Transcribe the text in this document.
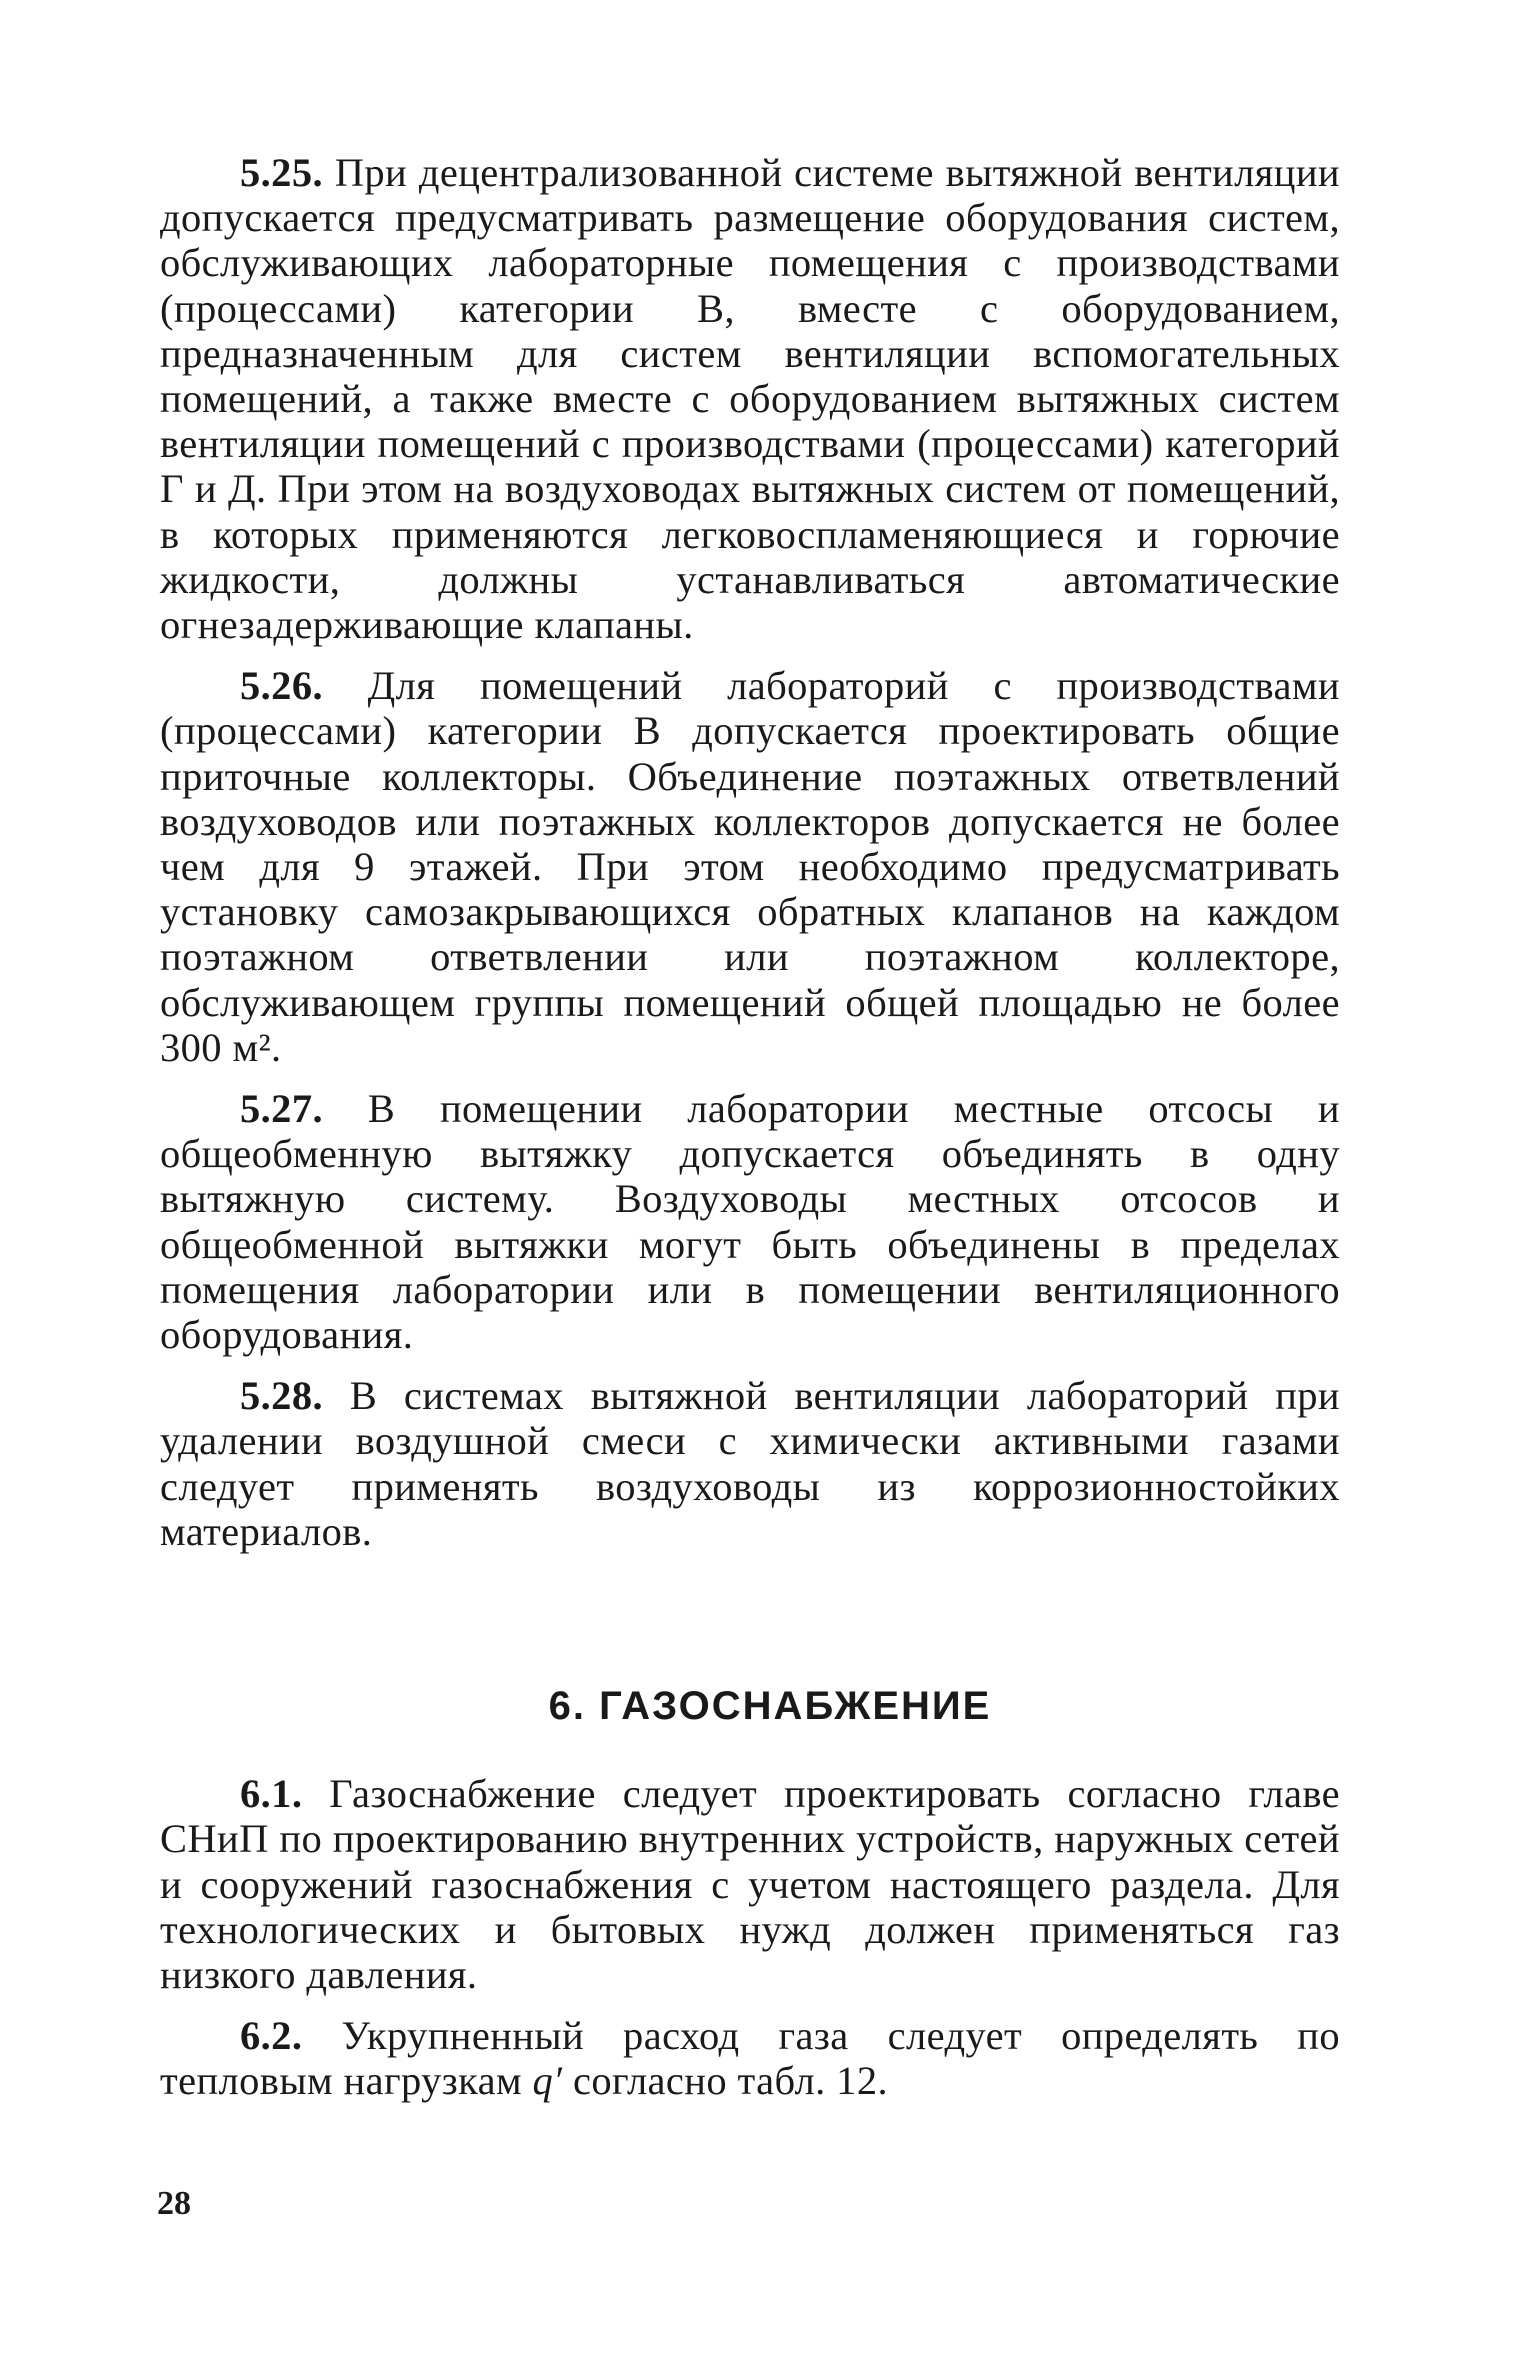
5.25. При децентрализованной системе вытяжной вентиляции допускается предусматривать размещение оборудования систем, обслуживающих лабораторные помещения с производствами (процессами) категории В, вместе с оборудованием, предназначенным для систем вентиляции вспомогательных помещений, а также вместе с оборудованием вытяжных систем вентиляции помещений с производствами (процессами) категорий Г и Д. При этом на воздуховодах вытяжных систем от помещений, в которых применяются легковоспламеняющиеся и горючие жидкости, должны устанавливаться автоматические огнезадерживающие клапаны.

5.26. Для помещений лабораторий с производствами (процессами) категории В допускается проектировать общие приточные коллекторы. Объединение поэтажных ответвлений воздуховодов или поэтажных коллекторов допускается не более чем для 9 этажей. При этом необходимо предусматривать установку самозакрывающихся обратных клапанов на каждом поэтажном ответвлении или поэтажном коллекторе, обслуживающем группы помещений общей площадью не более 300 м².

5.27. В помещении лаборатории местные отсосы и общеобменную вытяжку допускается объединять в одну вытяжную систему. Воздуховоды местных отсосов и общеобменной вытяжки могут быть объединены в пределах помещения лаборатории или в помещении вентиляционного оборудования.

5.28. В системах вытяжной вентиляции лабораторий при удалении воздушной смеси с химически активными газами следует применять воздуховоды из коррозионностойких материалов.

6. ГАЗОСНАБЖЕНИЕ

6.1. Газоснабжение следует проектировать согласно главе СНиП по проектированию внутренних устройств, наружных сетей и сооружений газоснабжения с учетом настоящего раздела. Для технологических и бытовых нужд должен применяться газ низкого давления.

6.2. Укрупненный расход газа следует определять по тепловым нагрузкам q′ согласно табл. 12.

28
